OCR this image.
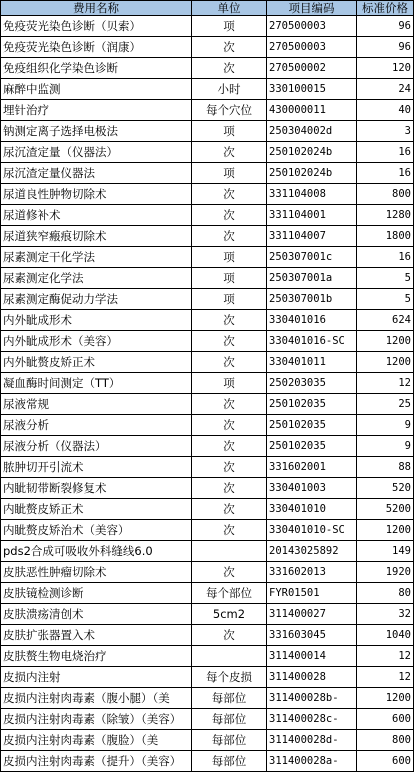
费用名称	单位	项目编码	标准价格
免疫荧光染色诊断（贝索）	项	270500003	96
免疫荧光染色诊断（润康）	次	270500003	96
免疫组织化学染色诊断	次	270500002	120
麻醉中监测	小时	330100015	24
埋针治疗	每个穴位	430000011	40
钠测定离子选择电极法	项	250304002d	3
尿沉渣定量（仪器法）	次	250102024b	16
尿沉渣定量仪器法	项	250102024b	16
尿道良性肿物切除术	次	331104008	800
尿道修补术	次	331104001	1280
尿道狭窄瘢痕切除术	次	331104007	1800
尿素测定干化学法	项	250307001c	16
尿素测定化学法	项	250307001a	5
尿素测定酶促动力学法	项	250307001b	5
内外眦成形术	次	330401016	624
内外眦成形术（美容）	次	330401016-SC	1200
内外眦赘皮矫正术	次	330401011	1200
凝血酶时间测定（TT）	项	250203035	12
尿液常规	次	250102035	25
尿液分析	次	250102035	9
尿液分析（仪器法）	次	250102035	9
脓肿切开引流术	次	331602001	88
内眦韧带断裂修复术	次	330401003	520
内眦赘皮矫正术	次	330401010	5200
内眦赘皮矫治术（美容）	次	330401010-SC	1200
pds2合成可吸收外科缝线6.0		20143025892	149
皮肤恶性肿瘤切除术	次	331602013	1920
皮肤镜检测诊断	每个部位	FYR01501	80
皮肤溃疡清创术	5cm2	311400027	32
皮肤扩张器置入术	次	331603045	1040
皮肤赘生物电烧治疗		311400014	12
皮损内注射	每个皮损	311400028	12
皮损内注射肉毒素（腹小腿）（美	每部位	311400028b-	1200
皮损内注射肉毒素（除皱）（美容）	每部位	311400028c-	600
皮损内注射肉毒素（腹脸）（美	每部位	311400028d-	800
皮损内注射肉毒素（提升）（美容）	每部位	311400028a-	600
